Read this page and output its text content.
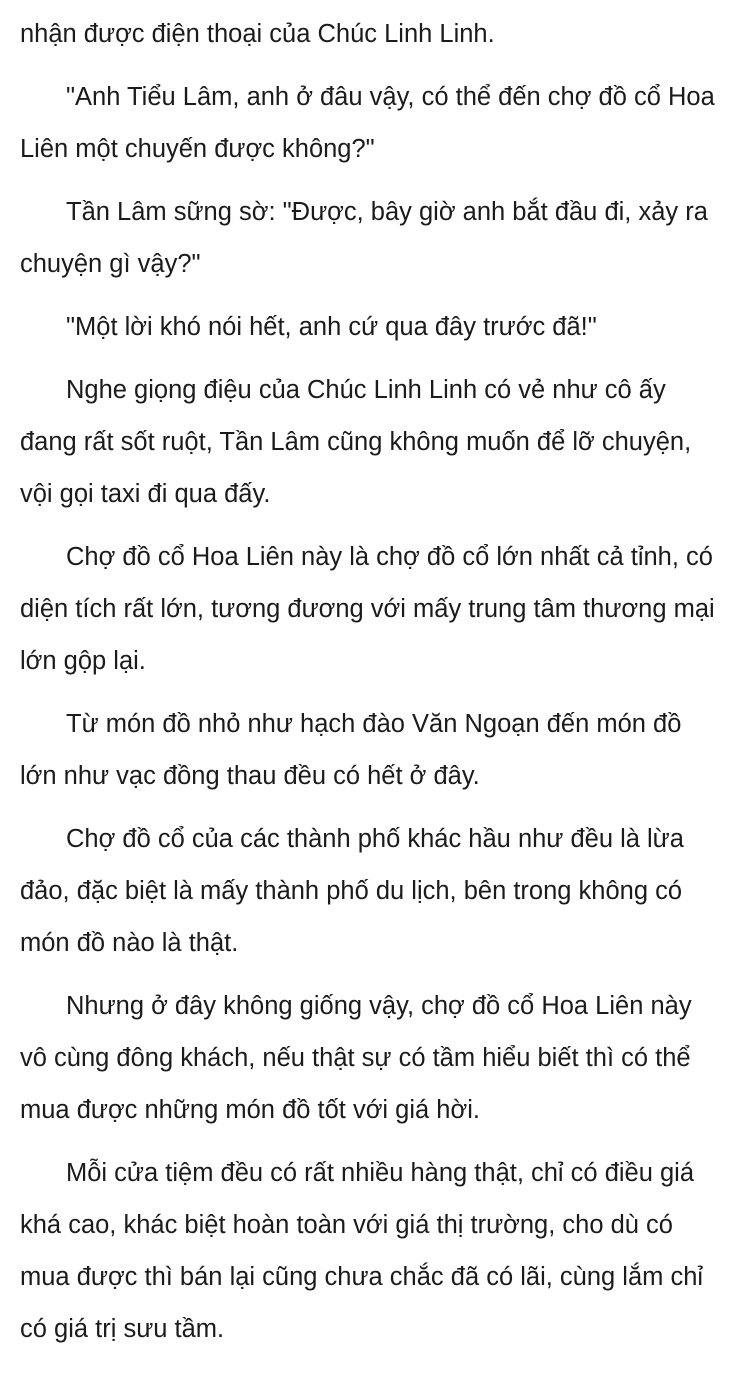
nhận được điện thoại của Chúc Linh Linh.

"Anh Tiểu Lâm, anh ở đâu vậy, có thể đến chợ đồ cổ Hoa Liên một chuyến được không?"

Tần Lâm sững sờ: "Được, bây giờ anh bắt đầu đi, xảy ra chuyện gì vậy?"

"Một lời khó nói hết, anh cứ qua đây trước đã!"

Nghe giọng điệu của Chúc Linh Linh có vẻ như cô ấy đang rất sốt ruột, Tần Lâm cũng không muốn để lỡ chuyện, vội gọi taxi đi qua đấy.

Chợ đồ cổ Hoa Liên này là chợ đồ cổ lớn nhất cả tỉnh, có diện tích rất lớn, tương đương với mấy trung tâm thương mại lớn gộp lại.

Từ món đồ nhỏ như hạch đào Văn Ngoạn đến món đồ lớn như vạc đồng thau đều có hết ở đây.

Chợ đồ cổ của các thành phố khác hầu như đều là lừa đảo, đặc biệt là mấy thành phố du lịch, bên trong không có món đồ nào là thật.

Nhưng ở đây không giống vậy, chợ đồ cổ Hoa Liên này vô cùng đông khách, nếu thật sự có tầm hiểu biết thì có thể mua được những món đồ tốt với giá hời.

Mỗi cửa tiệm đều có rất nhiều hàng thật, chỉ có điều giá khá cao, khác biệt hoàn toàn với giá thị trường, cho dù có mua được thì bán lại cũng chưa chắc đã có lãi, cùng lắm chỉ có giá trị sưu tầm.
